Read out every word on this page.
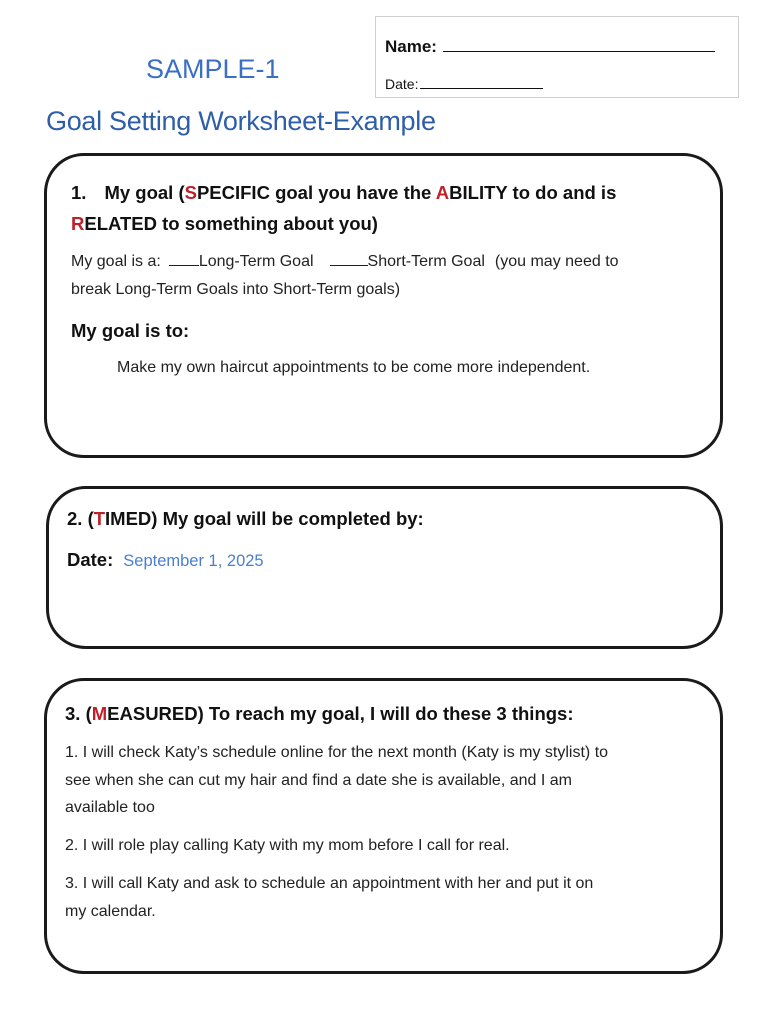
Name:
Date:
SAMPLE-1
Goal Setting Worksheet-Example
1. My goal (SPECIFIC goal you have the ABILITY to do and is
RELATED to something about you)
My goal is a: Long-Term Goal	Short-Term Goal (you may need to
break Long-Term Goals into Short-Term goals)
My goal is to:
Make my own haircut appointments to be come more independent.
2. (TIMED) My goal will be completed by:
Date: September 1, 2025
3. (MEASURED) To reach my goal, I will do these 3 things:
1. I will check Katy’s schedule online for the next month (Katy is my stylist) to
see when she can cut my hair and find a date she is available, and I am
available too
2. I will role play calling Katy with my mom before I call for real.
3. I will call Katy and ask to schedule an appointment with her and put it on
my calendar.
